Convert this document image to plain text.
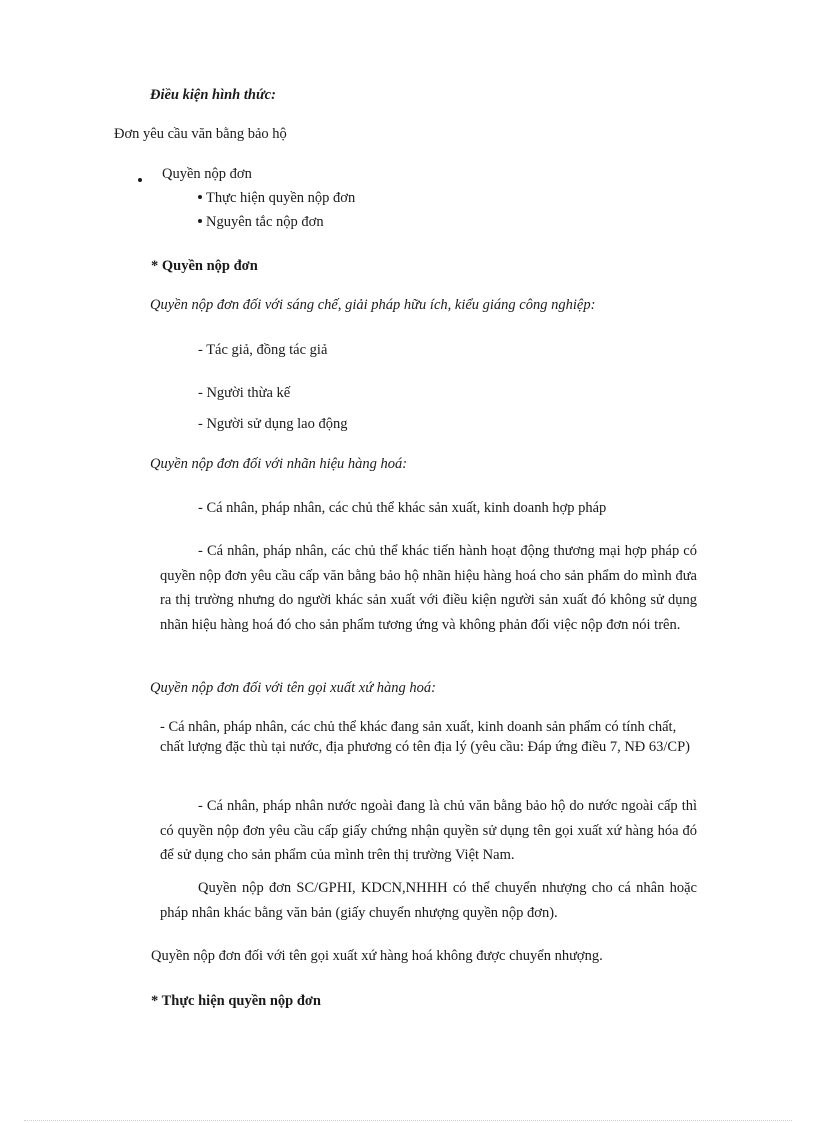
Điều kiện hình thức:
Đơn yêu cầu văn bằng bảo hộ
Quyền nộp đơn
Thực hiện quyền nộp đơn
Nguyên tắc nộp đơn
* Quyền nộp đơn
Quyền nộp đơn đối với sáng chế, giải pháp hữu ích, kiểu giáng công nghiệp:
- Tác giả, đồng tác giả
- Người thừa kế
- Người sử dụng lao động
Quyền nộp đơn đối với nhãn hiệu hàng hoá:
- Cá nhân, pháp nhân, các chủ thể khác sản xuất, kinh doanh hợp pháp
- Cá nhân, pháp nhân, các chủ thể khác tiến hành hoạt động thương mại hợp pháp có quyền nộp đơn yêu cầu cấp văn bằng bảo hộ nhãn hiệu hàng hoá cho sản phẩm do mình đưa ra thị trường nhưng do người khác sản xuất với điều kiện người sản xuất đó không sử dụng nhãn hiệu hàng hoá đó cho sản phẩm tương ứng và không phản đối việc nộp đơn nói trên.
Quyền nộp đơn đối với tên gọi xuất xứ hàng hoá:
- Cá nhân, pháp nhân, các chủ thể khác đang sản xuất, kinh doanh sản phẩm có tính chất, chất lượng đặc thù tại nước, địa phương có tên địa lý (yêu cầu: Đáp ứng điều 7, NĐ 63/CP)
- Cá nhân, pháp nhân nước ngoài đang là chủ văn bằng bảo hộ do nước ngoài cấp thì có quyền nộp đơn yêu cầu cấp giấy chứng nhận quyền sử dụng tên gọi xuất xứ hàng hóa đó để sử dụng cho sản phẩm của mình trên thị trường Việt Nam.
Quyền nộp đơn SC/GPHI, KDCN,NHHH có thể chuyển nhượng cho cá nhân hoặc pháp nhân khác bằng văn bản (giấy chuyển nhượng quyền nộp đơn).
Quyền nộp đơn đối với tên gọi xuất xứ hàng hoá không được chuyển nhượng.
* Thực hiện quyền nộp đơn
